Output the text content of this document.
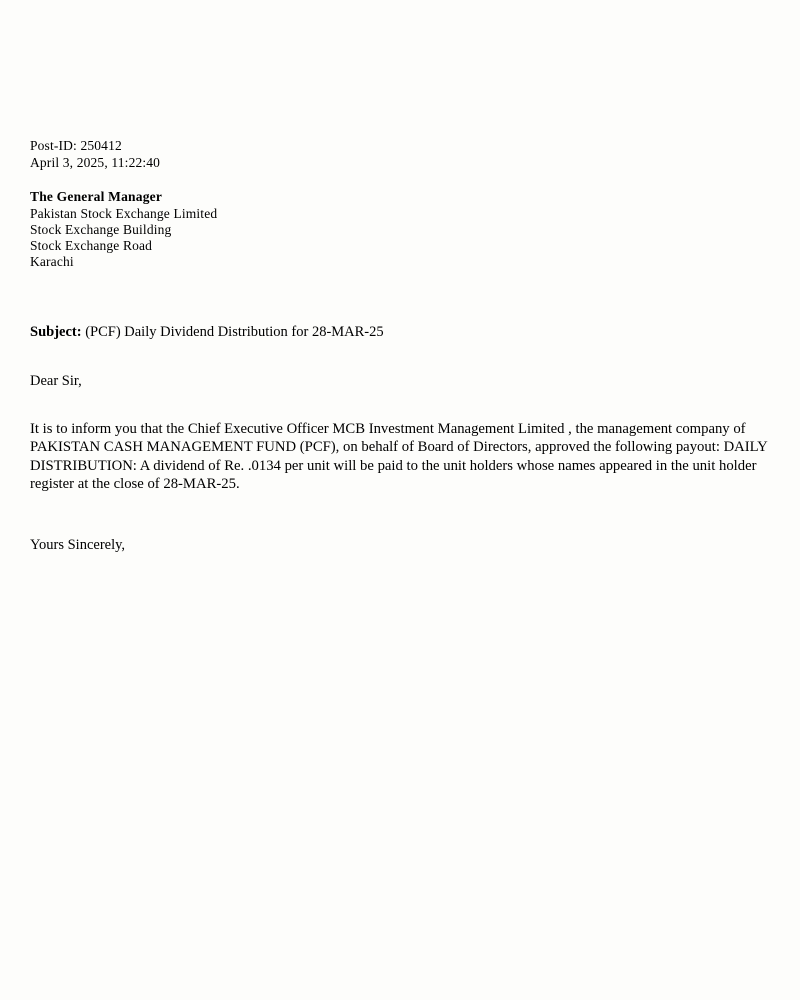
Post-ID: 250412
April 3, 2025, 11:22:40
The General Manager
Pakistan Stock Exchange Limited
Stock Exchange Building
Stock Exchange Road
Karachi
Subject: (PCF) Daily Dividend Distribution for 28-MAR-25
Dear Sir,

It is to inform you that the Chief Executive Officer MCB Investment Management Limited , the management company of PAKISTAN CASH MANAGEMENT FUND (PCF), on behalf of Board of Directors, approved the following payout: DAILY DISTRIBUTION: A dividend of Re. .0134 per unit will be paid to the unit holders whose names appeared in the unit holder register at the close of 28-MAR-25.

Yours Sincerely,
